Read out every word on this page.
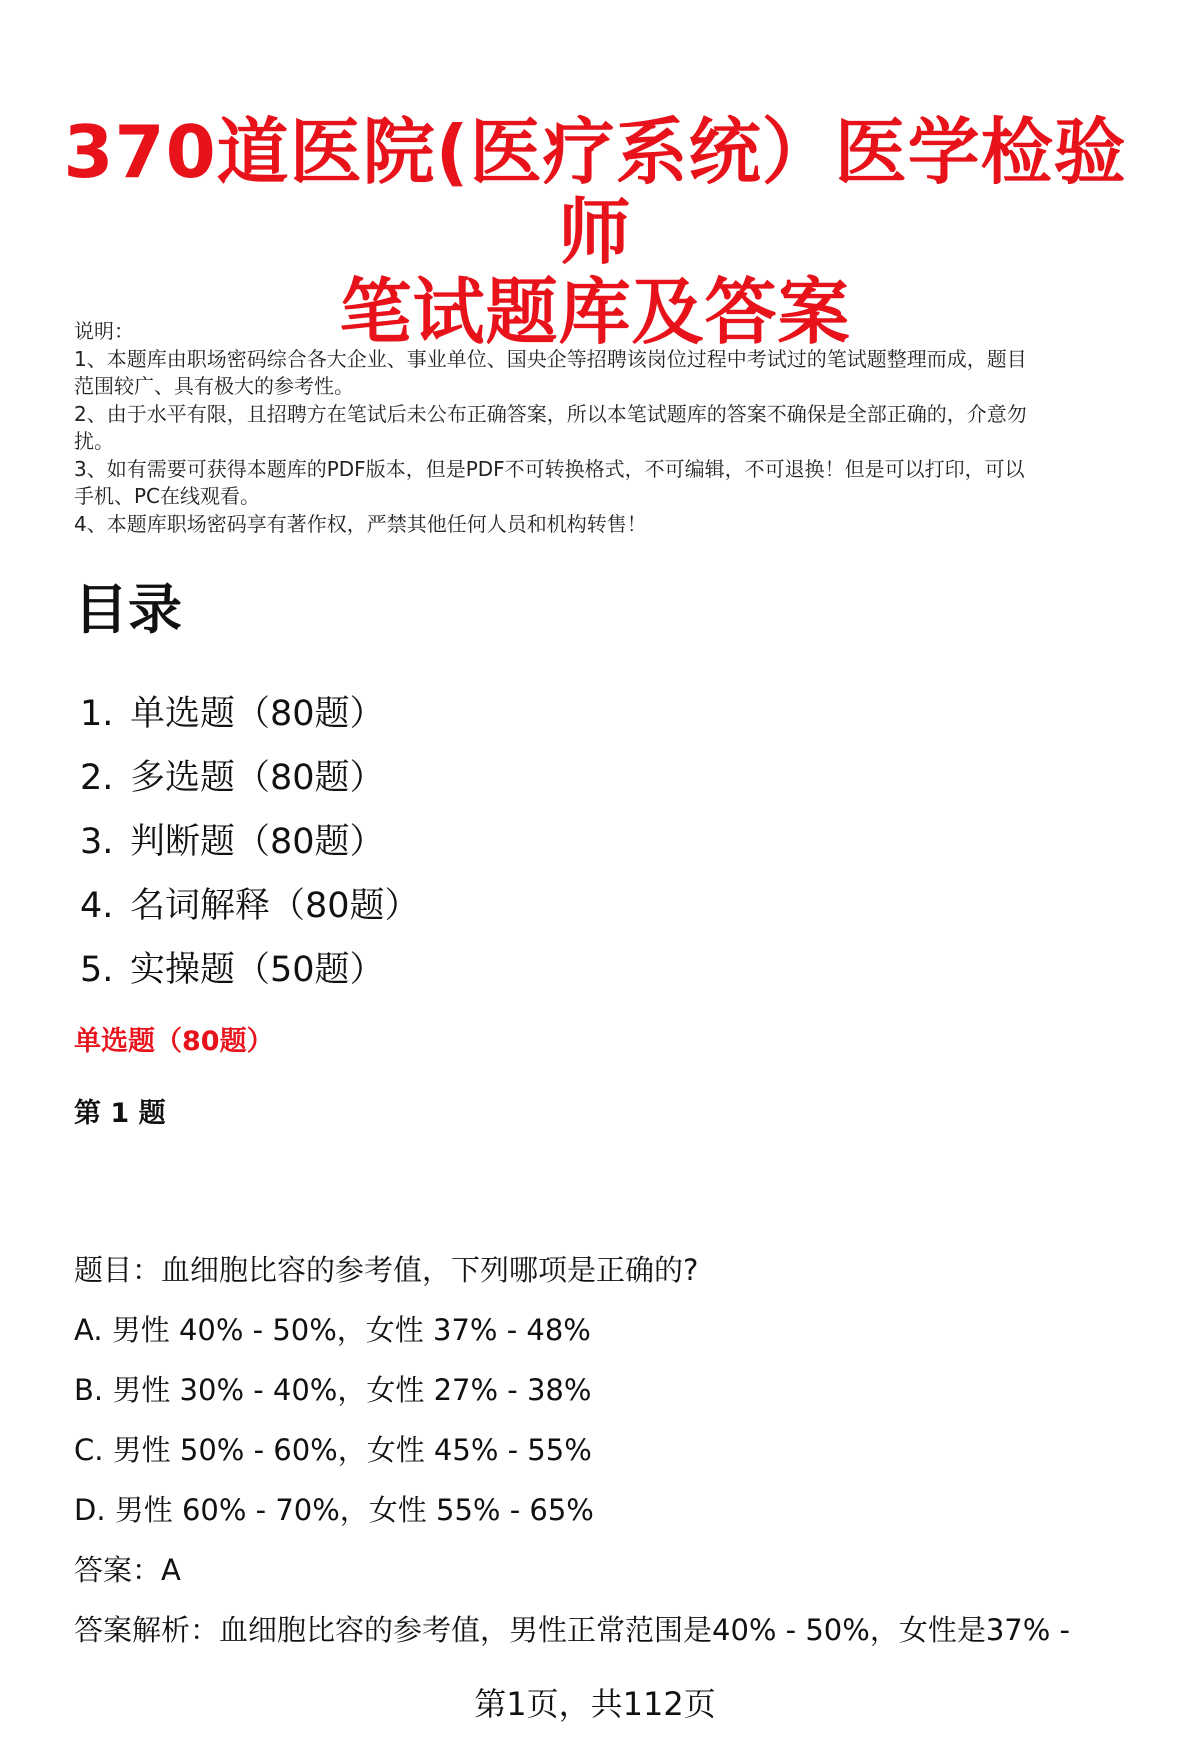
370道医院(医疗系统）医学检验师
笔试题库及答案
说明：
1、本题库由职场密码综合各大企业、事业单位、国央企等招聘该岗位过程中考试过的笔试题整理而成，题目
范围较广、具有极大的参考性。
2、由于水平有限，且招聘方在笔试后未公布正确答案，所以本笔试题库的答案不确保是全部正确的，介意勿
扰。
3、如有需要可获得本题库的PDF版本，但是PDF不可转换格式，不可编辑，不可退换！但是可以打印，可以
手机、PC在线观看。
4、本题库职场密码享有著作权，严禁其他任何人员和机构转售！
目录
1. 单选题（80题）
2. 多选题（80题）
3. 判断题（80题）
4. 名词解释（80题）
5. 实操题（50题）
单选题（80题）
第 1 题
题目：血细胞比容的参考值，下列哪项是正确的?
A. 男性 40% - 50%，女性 37% - 48%
B. 男性 30% - 40%，女性 27% - 38%
C. 男性 50% - 60%，女性 45% - 55%
D. 男性 60% - 70%，女性 55% - 65%
答案：A
答案解析：血细胞比容的参考值，男性正常范围是40% - 50%，女性是37% -
第1页，共112页
